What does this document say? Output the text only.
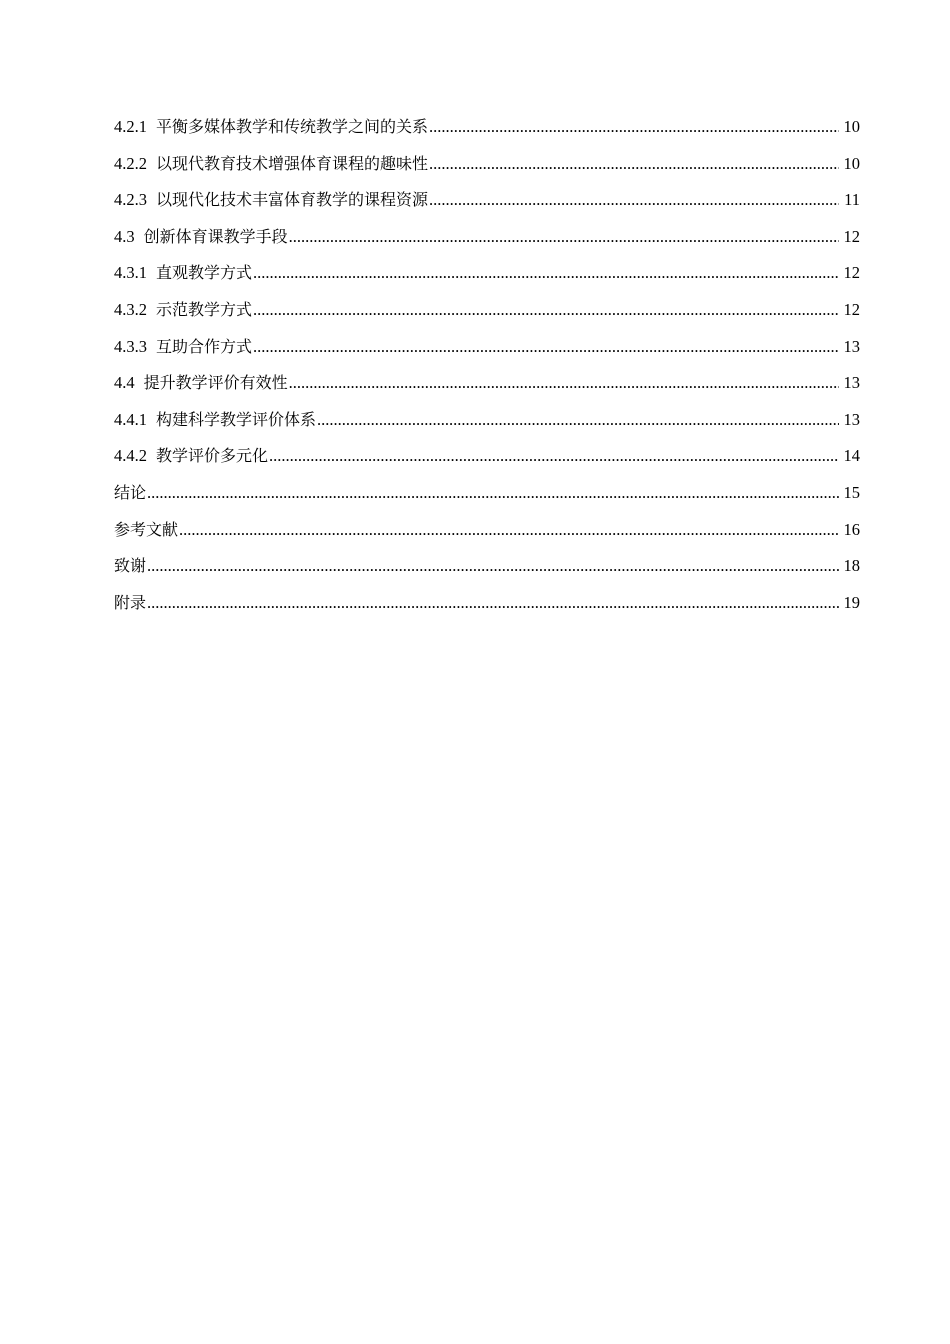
4.2.1 平衡多媒体教学和传统教学之间的关系 .....	10
4.2.2 以现代教育技术增强体育课程的趣味性 .....	10
4.2.3 以现代化技术丰富体育教学的课程资源 .....	11
4.3 创新体育课教学手段 .....	12
4.3.1 直观教学方式 .....	12
4.3.2 示范教学方式 .....	12
4.3.3 互助合作方式 .....	13
4.4 提升教学评价有效性 .....	13
4.4.1 构建科学教学评价体系 .....	13
4.4.2 教学评价多元化 .....	14
结论 .....	15
参考文献 .....	16
致谢 .....	18
附录 .....	19
